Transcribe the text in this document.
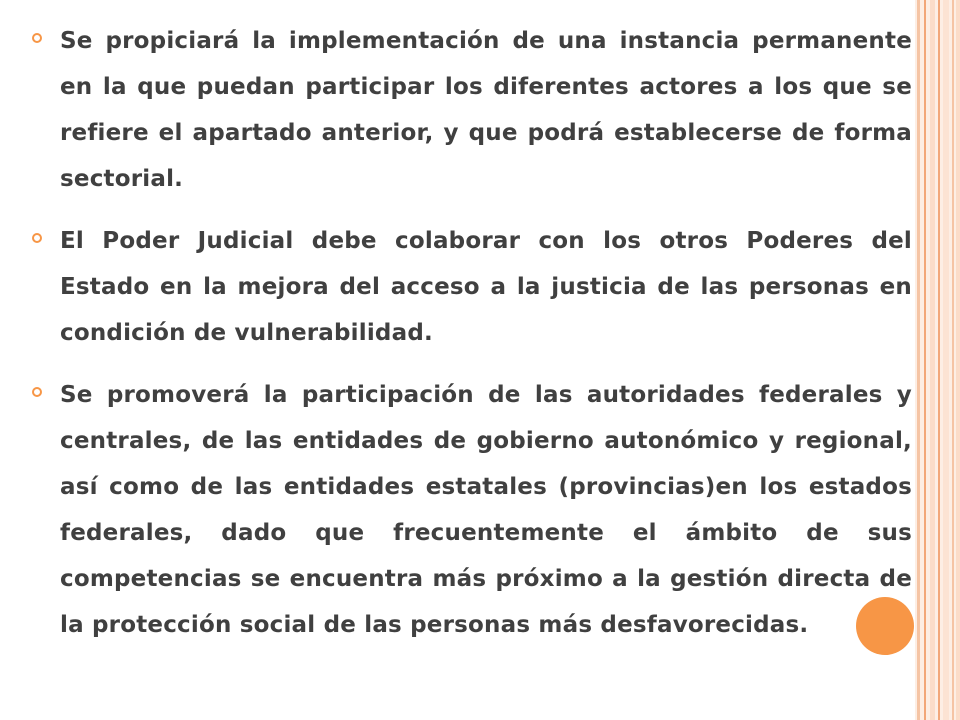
Se propiciará la implementación de una instancia permanente en la que puedan participar los diferentes actores a los que se refiere el apartado anterior, y que podrá establecerse de forma sectorial.
El Poder Judicial debe colaborar con los otros Poderes del Estado en la mejora del acceso a la justicia de las personas en condición de vulnerabilidad.
Se promoverá la participación de las autoridades federales y centrales, de las entidades de gobierno autonómico y regional, así como de las entidades estatales (provincias)en los estados federales, dado que frecuentemente el ámbito de sus competencias se encuentra más próximo a la gestión directa de la protección social de las personas más desfavorecidas.
